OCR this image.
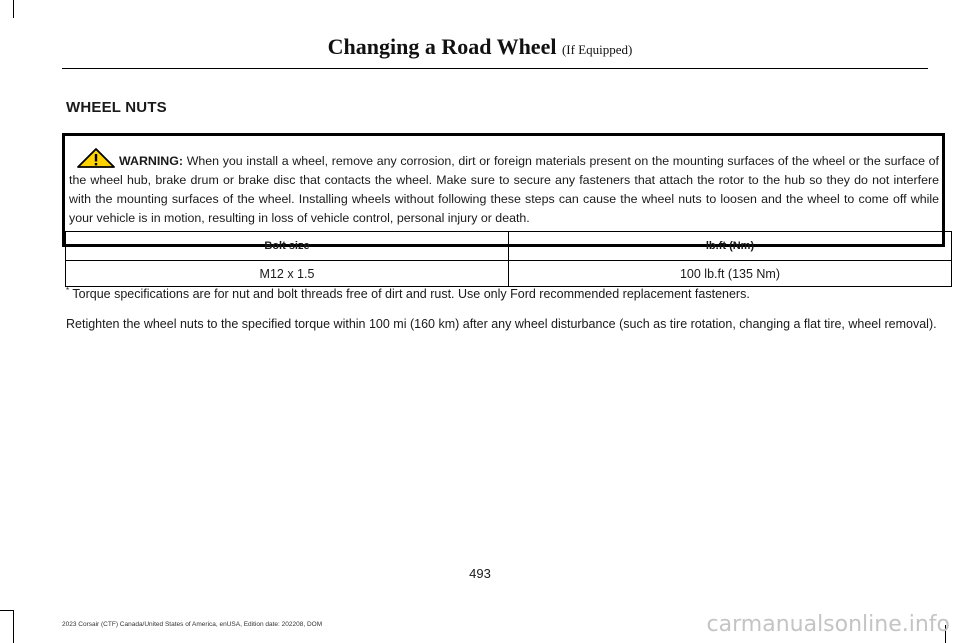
Changing a Road Wheel (If Equipped)
WHEEL NUTS
WARNING: When you install a wheel, remove any corrosion, dirt or foreign materials present on the mounting surfaces of the wheel or the surface of the wheel hub, brake drum or brake disc that contacts the wheel. Make sure to secure any fasteners that attach the rotor to the hub so they do not interfere with the mounting surfaces of the wheel. Installing wheels without following these steps can cause the wheel nuts to loosen and the wheel to come off while your vehicle is in motion, resulting in loss of vehicle control, personal injury or death.
Bolt size	lb.ft (Nm)
M12 x 1.5	100 lb.ft (135 Nm)
* Torque specifications are for nut and bolt threads free of dirt and rust. Use only Ford recommended replacement fasteners.
Retighten the wheel nuts to the specified torque within 100 mi (160 km) after any wheel disturbance (such as tire rotation, changing a flat tire, wheel removal).
493
2023 Corsair (CTF) Canada/United States of America, enUSA, Edition date: 202208, DOM	carmanualsonline.info
